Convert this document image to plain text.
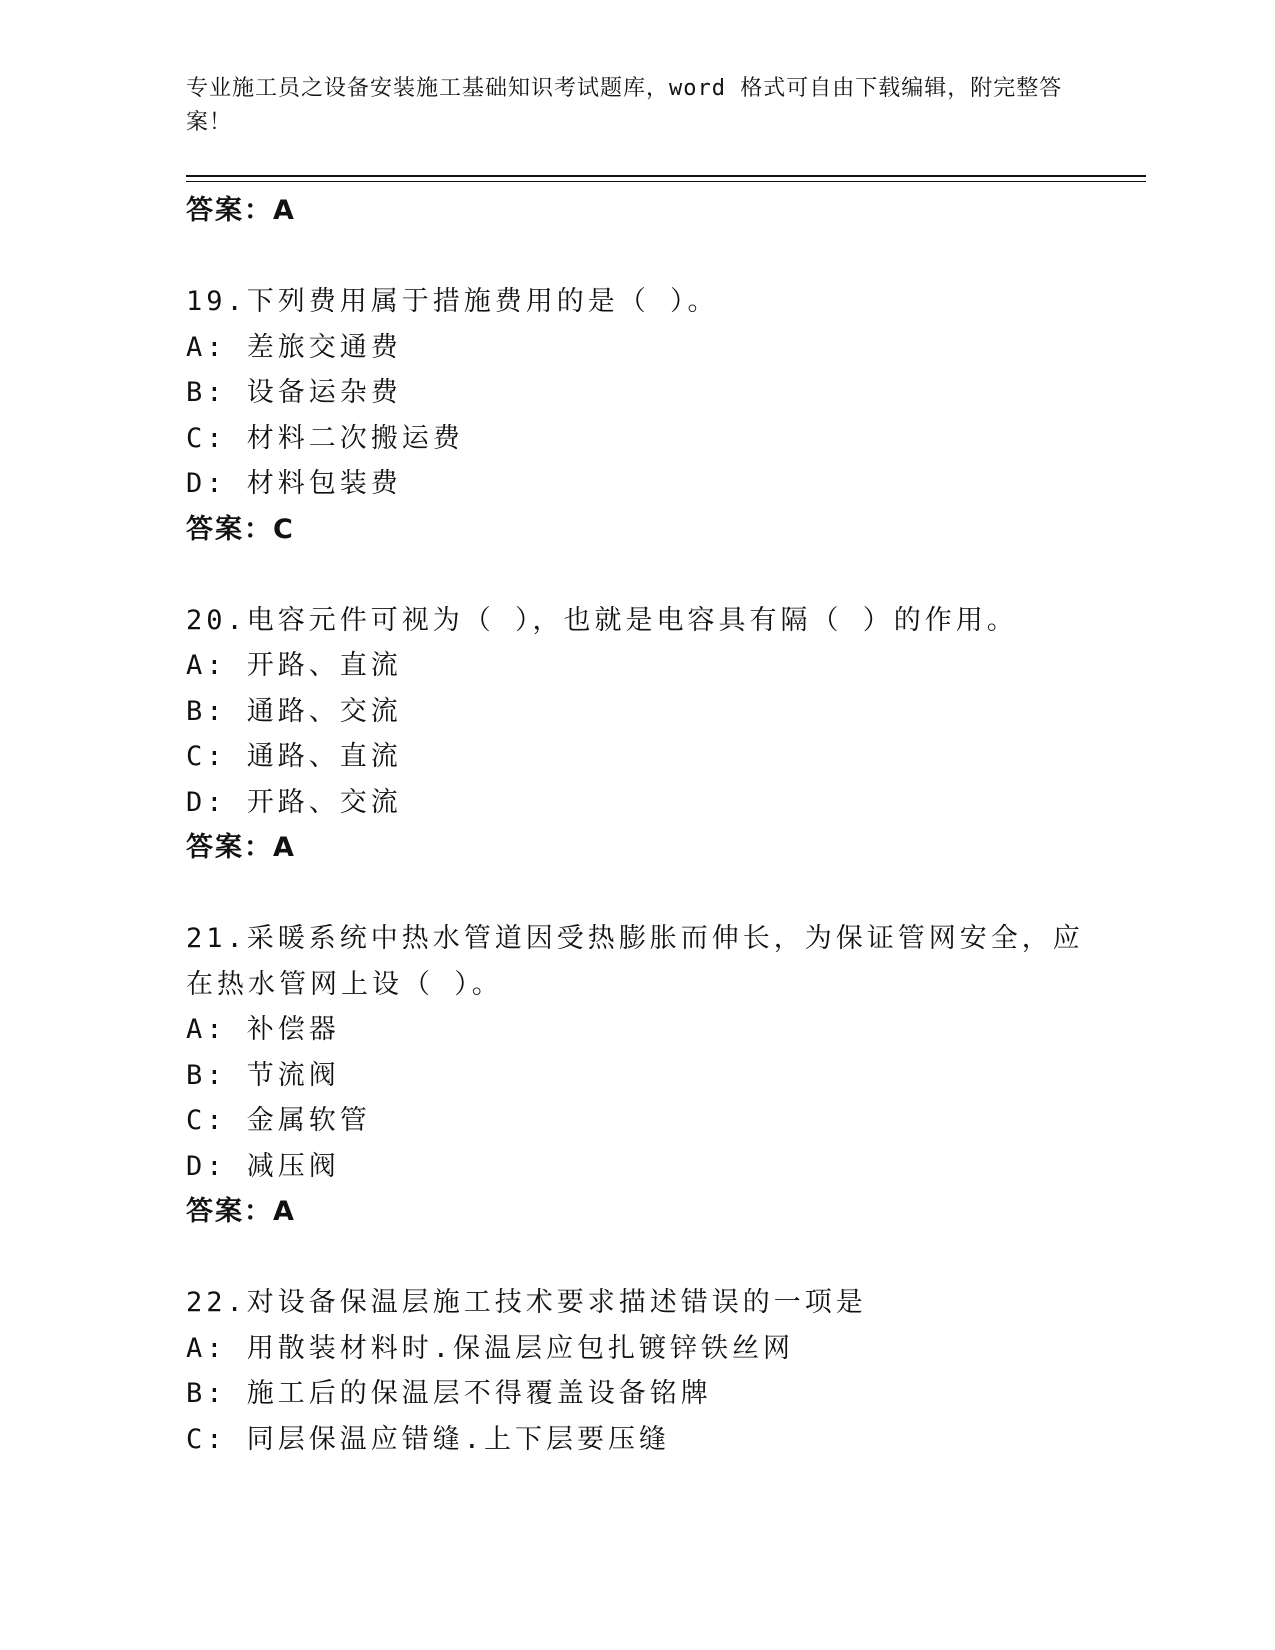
专业施工员之设备安装施工基础知识考试题库，word 格式可自由下载编辑，附完整答案！
答案：A
19.下列费用属于措施费用的是（ ）。
A: 差旅交通费
B: 设备运杂费
C: 材料二次搬运费
D: 材料包装费
答案：C
20.电容元件可视为（ ），也就是电容具有隔（ ）的作用。
A: 开路、直流
B: 通路、交流
C: 通路、直流
D: 开路、交流
答案：A
21.采暖系统中热水管道因受热膨胀而伸长，为保证管网安全，应在热水管网上设（ ）。
A: 补偿器
B: 节流阀
C: 金属软管
D: 减压阀
答案：A
22.对设备保温层施工技术要求描述错误的一项是
A: 用散装材料时.保温层应包扎镀锌铁丝网
B: 施工后的保温层不得覆盖设备铭牌
C: 同层保温应错缝.上下层要压缝
